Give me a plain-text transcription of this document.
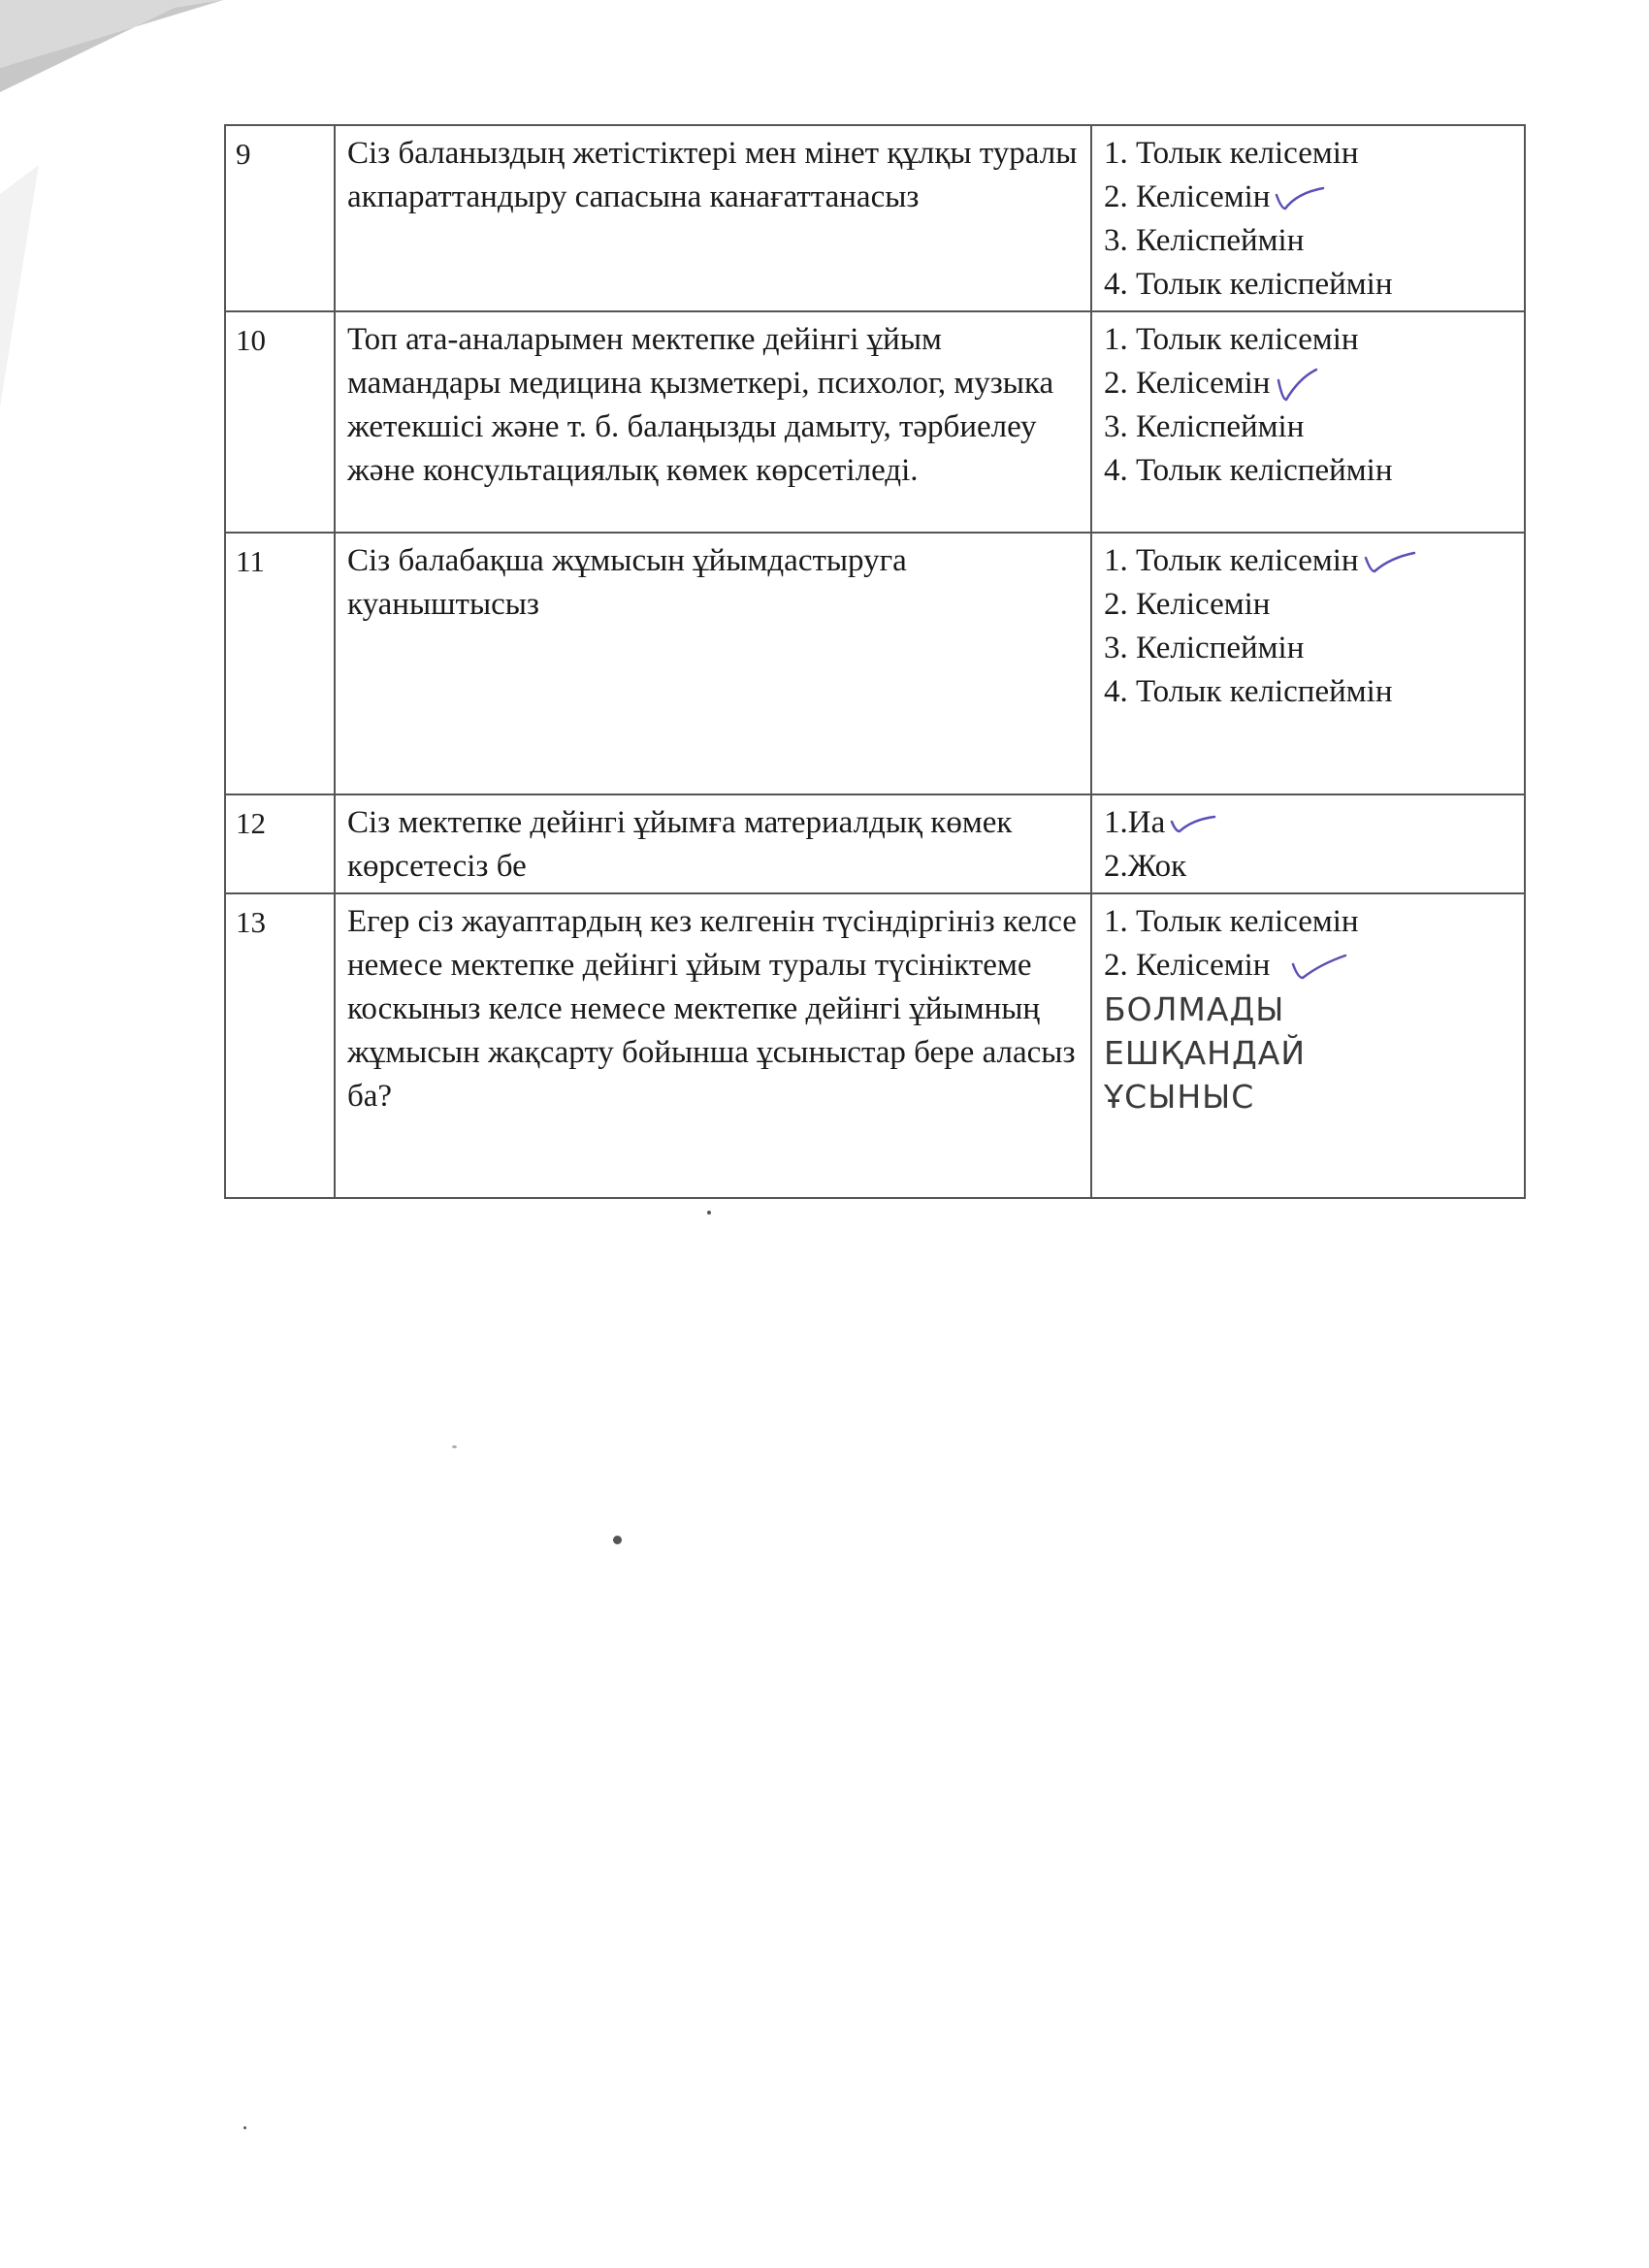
9	Сіз баланыздың жетістіктері мен мінет құлқы туралы акпараттандыру сапасына канағаттанасыз	1. Толык келісемін
2. Келісемін
3. Келіспеймін
4. Толык келіспеймін

10	Топ ата-аналарымен мектепке дейінгі ұйым мамандары медицина қызметкері, психолог, музыка жетекшісі және т. б. балаңызды дамыту, тәрбиелеу және консультациялық көмек көрсетіледі.	1. Толык келісемін
2. Келісемін
3. Келіспеймін
4. Толык келіспеймін

11	Сіз балабақша жұмысын ұйымдастыруга куаныштысыз	1. Толык келісемін
2. Келісемін
3. Келіспеймін
4. Толык келіспеймін

12	Сіз мектепке дейінгі ұйымға материалдық көмек көрсетесіз бе	1.Иа
2.Жок

13	Егер сіз жауаптардың кез келгенін түсіндіргініз келсе немесе мектепке дейінгі ұйым туралы түсініктеме коскыныз келсе немесе мектепке дейінгі ұйымның жұмысын жақсарту бойынша ұсыныстар бере аласыз ба?	1. Толык келісемін
2. Келісемін
БОЛМАДЫ
ЕШҚАНДАЙ
ҰСЫНЫС
